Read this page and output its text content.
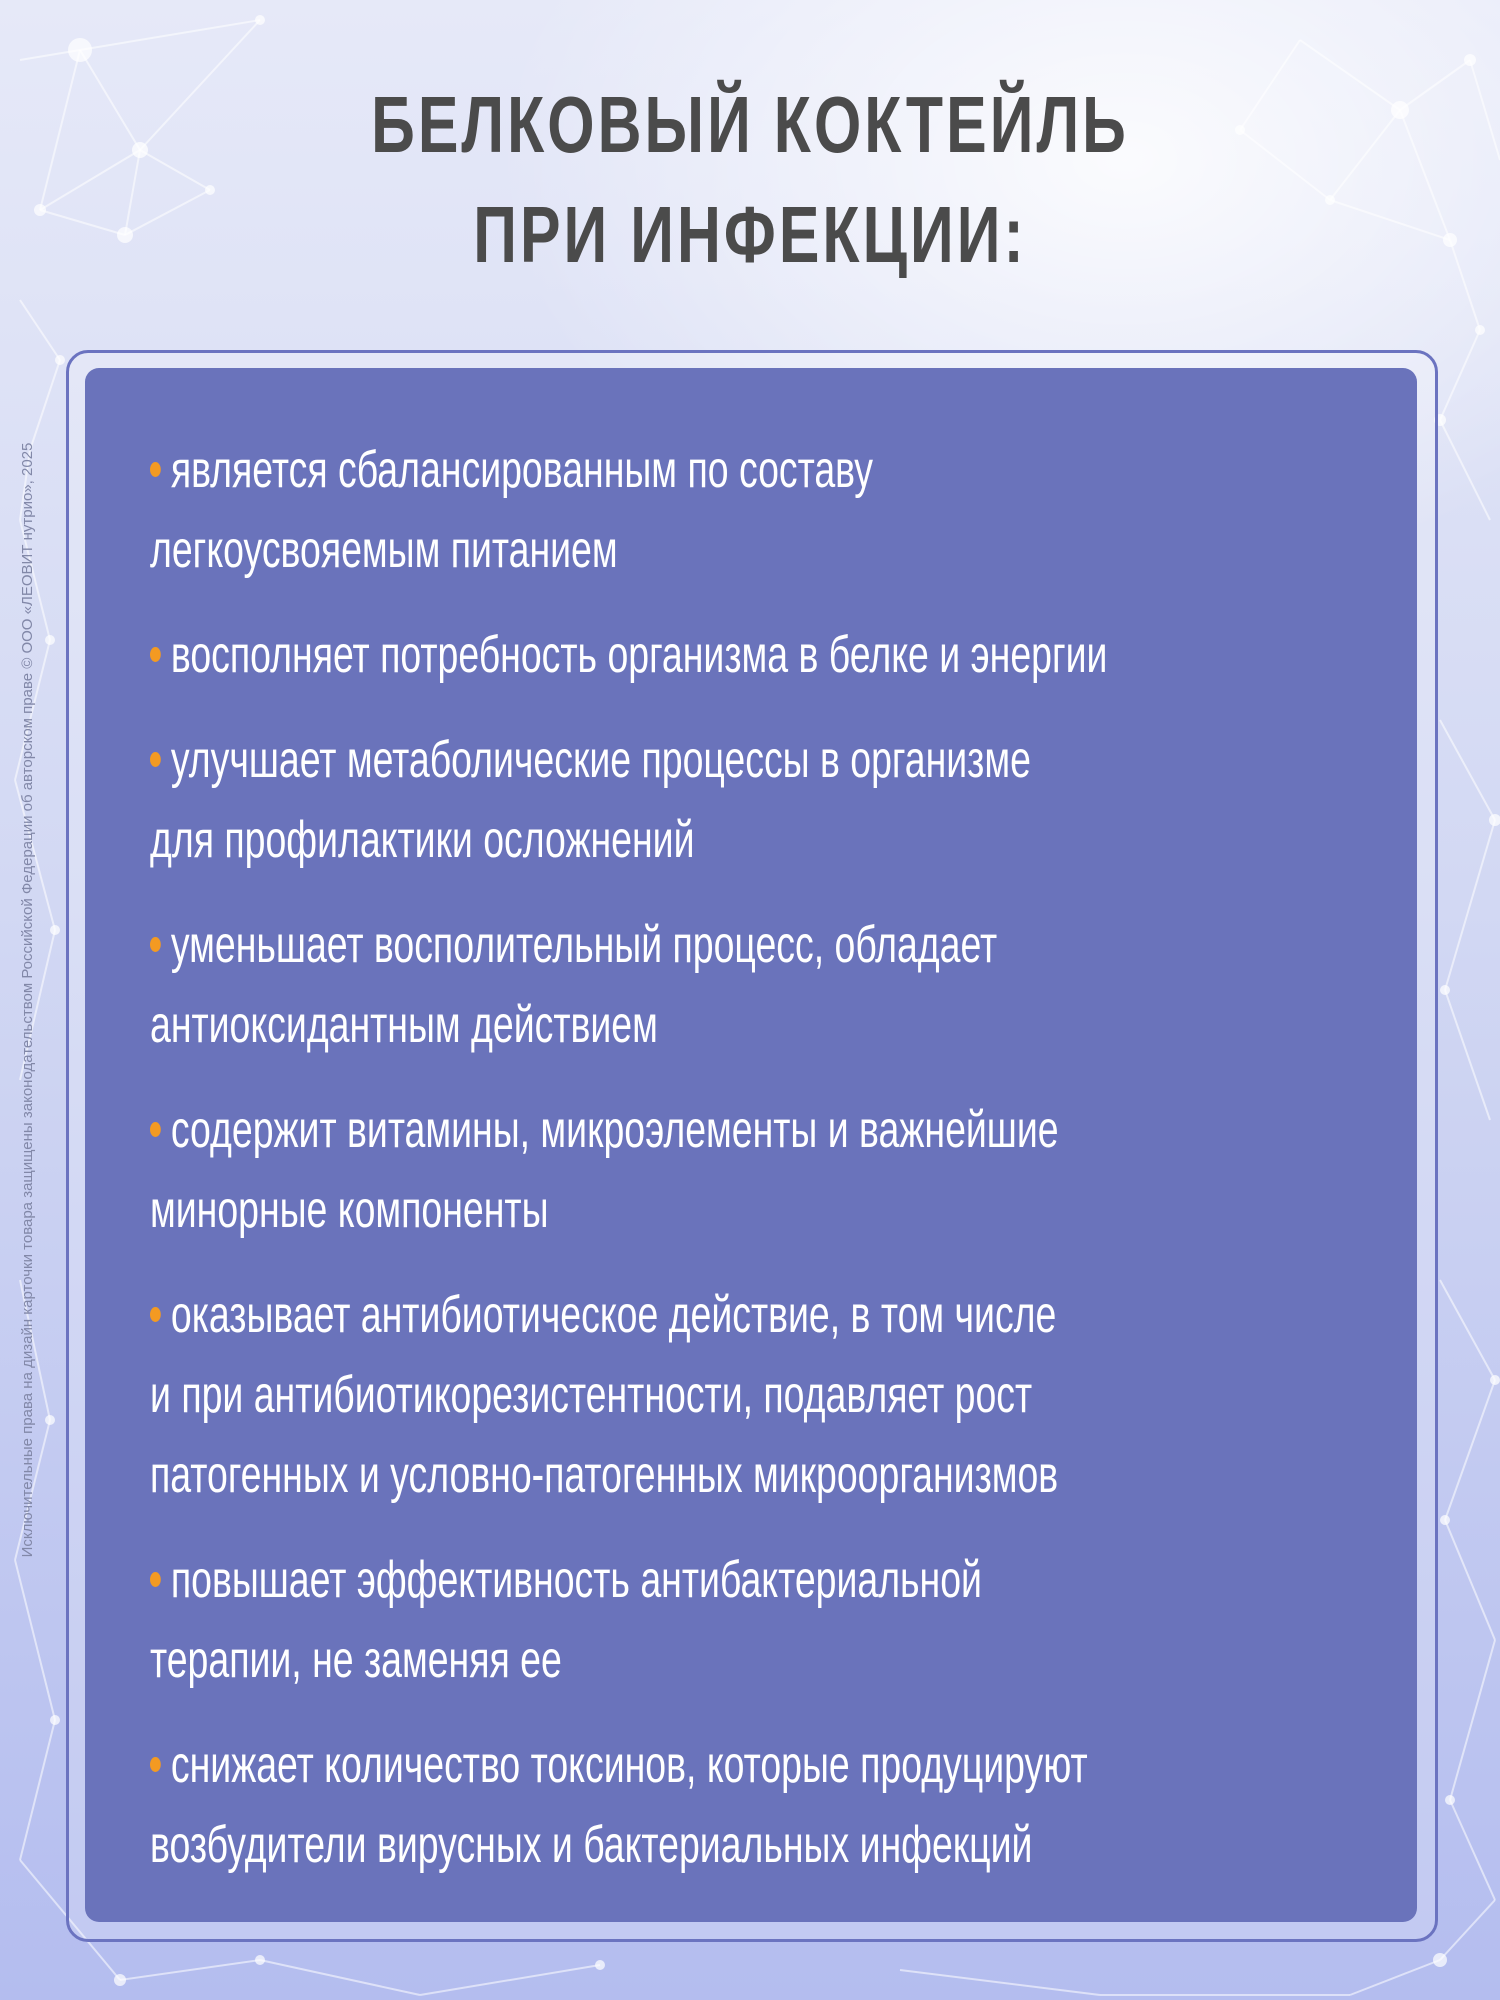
Исключительные права на дизайн карточки товара защищены законодательством Российской Федерации об авторском праве © ООО «ЛЕОВИТ нутрио», 2025
БЕЛКОВЫЙ КОКТЕЙЛЬ
ПРИ ИНФЕКЦИИ:
является сбалансированным по составу
легкоусвояемым питанием
восполняет потребность организма в белке и энергии
улучшает метаболические процессы в организме
для профилактики осложнений
уменьшает восполительный процесс, обладает
антиоксидантным действием
содержит витамины, микроэлементы и важнейшие
минорные компоненты
оказывает антибиотическое действие, в том числе
и при антибиотикорезистентности, подавляет рост
патогенных и условно-патогенных микроорганизмов
повышает эффективность антибактериальной
терапии, не заменяя ее
снижает количество токсинов, которые продуцируют
возбудители вирусных и бактериальных инфекций
